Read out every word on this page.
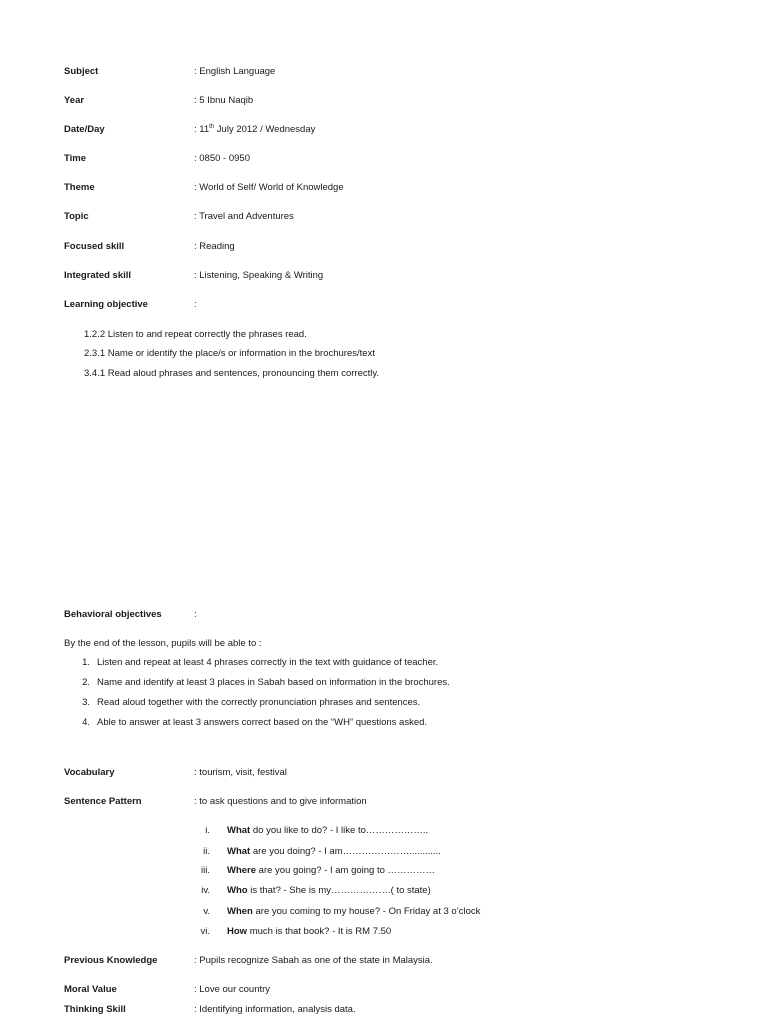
Subject	: English Language
Year	: 5 Ibnu Naqib
Date/Day	: 11th July 2012 / Wednesday
Time	: 0850 - 0950
Theme	: World of Self/ World of Knowledge
Topic	: Travel and Adventures
Focused skill	: Reading
Integrated skill	: Listening, Speaking & Writing
Learning objective	:
1.2.2 Listen to and repeat correctly the phrases read.
2.3.1 Name or identify the place/s or information in the brochures/text
3.4.1 Read aloud phrases and sentences, pronouncing them correctly.
Behavioral objectives	:
By the end of the lesson, pupils will be able to :
1. Listen and repeat at least 4 phrases correctly in the text with guidance of teacher.
2. Name and identify at least 3 places in Sabah based on information in the brochures.
3. Read aloud together with the correctly pronunciation phrases and sentences.
4. Able to answer at least 3 answers correct based on the “WH” questions asked.
Vocabulary	: tourism, visit, festival
Sentence Pattern	: to ask questions and to give information
i. What do you like to do? - I like to………………..
ii. What are you doing? - I am…………………............
iii. Where are you going? - I am going to ……………
iv. Who is that? - She is my……………….( to state)
v. When are you coming to my house? - On Friday at 3 o’clock
vi. How much is that book? - It is RM 7.50
Previous Knowledge	: Pupils recognize Sabah as one of the state in Malaysia.
Moral Value	: Love our country
Thinking Skill	: Identifying information, analysis data.
